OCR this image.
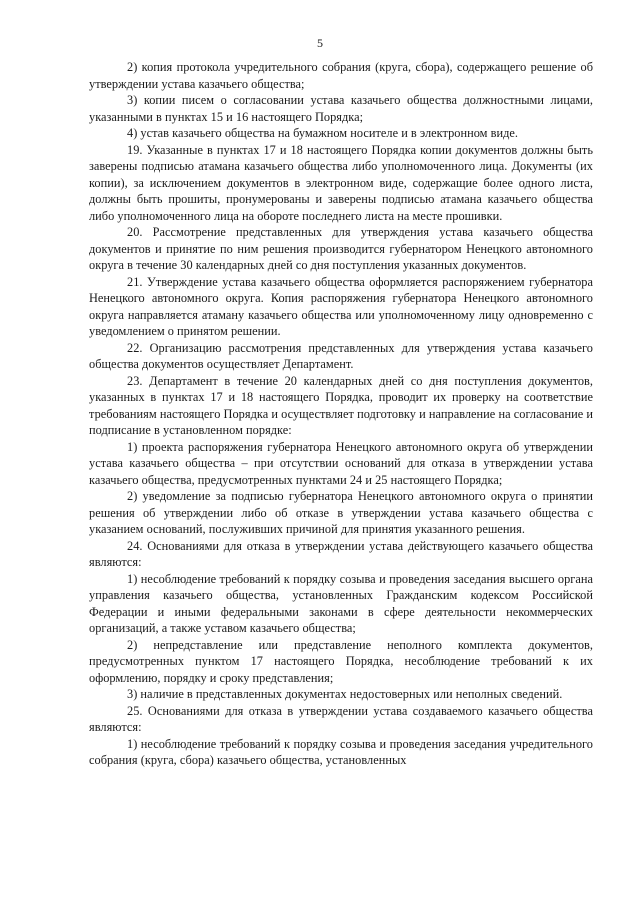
5

2) копия протокола учредительного собрания (круга, сбора), содержащего решение об утверждении устава казачьего общества;

3) копии писем о согласовании устава казачьего общества должностными лицами, указанными в пунктах 15 и 16 настоящего Порядка;

4) устав казачьего общества на бумажном носителе и в электронном виде.

19. Указанные в пунктах 17 и 18 настоящего Порядка копии документов должны быть заверены подписью атамана казачьего общества либо уполномоченного лица. Документы (их копии), за исключением документов в электронном виде, содержащие более одного листа, должны быть прошиты, пронумерованы и заверены подписью атамана казачьего общества либо уполномоченного лица на обороте последнего листа на месте прошивки.

20. Рассмотрение представленных для утверждения устава казачьего общества документов и принятие по ним решения производится губернатором Ненецкого автономного округа в течение 30 календарных дней со дня поступления указанных документов.

21. Утверждение устава казачьего общества оформляется распоряжением губернатора Ненецкого автономного округа. Копия распоряжения губернатора Ненецкого автономного округа направляется атаману казачьего общества или уполномоченному лицу одновременно с уведомлением о принятом решении.

22. Организацию рассмотрения представленных для утверждения устава казачьего общества документов осуществляет Департамент.

23. Департамент в течение 20 календарных дней со дня поступления документов, указанных в пунктах 17 и 18 настоящего Порядка, проводит их проверку на соответствие требованиям настоящего Порядка и осуществляет подготовку и направление на согласование и подписание в установленном порядке:

1) проекта распоряжения губернатора Ненецкого автономного округа об утверждении устава казачьего общества – при отсутствии оснований для отказа в утверждении устава казачьего общества, предусмотренных пунктами 24 и 25 настоящего Порядка;

2) уведомление за подписью губернатора Ненецкого автономного округа о принятии решения об утверждении либо об отказе в утверждении устава казачьего общества с указанием оснований, послуживших причиной для принятия указанного решения.

24. Основаниями для отказа в утверждении устава действующего казачьего общества являются:

1) несоблюдение требований к порядку созыва и проведения заседания высшего органа управления казачьего общества, установленных Гражданским кодексом Российской Федерации и иными федеральными законами в сфере деятельности некоммерческих организаций, а также уставом казачьего общества;

2) непредставление или представление неполного комплекта документов, предусмотренных пунктом 17 настоящего Порядка, несоблюдение требований к их оформлению, порядку и сроку представления;

3) наличие в представленных документах недостоверных или неполных сведений.

25. Основаниями для отказа в утверждении устава создаваемого казачьего общества являются:

1) несоблюдение требований к порядку созыва и проведения заседания учредительного собрания (круга, сбора) казачьего общества, установленных
